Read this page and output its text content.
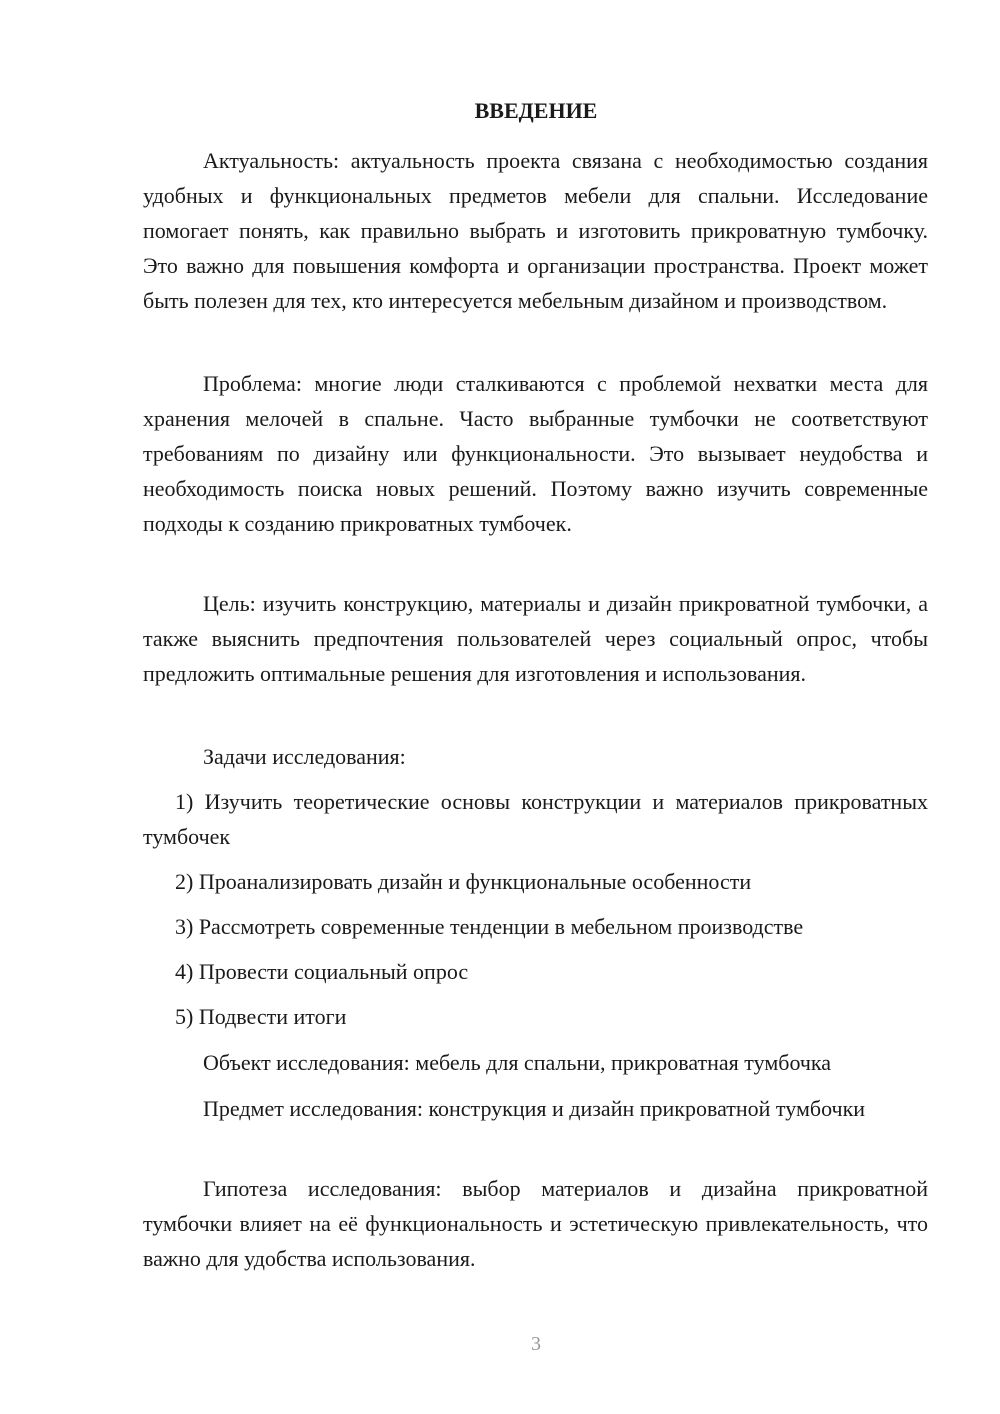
ВВЕДЕНИЕ

Актуальность: актуальность проекта связана с необходимостью создания удобных и функциональных предметов мебели для спальни. Исследование помогает понять, как правильно выбрать и изготовить прикроватную тумбочку. Это важно для повышения комфорта и организации пространства. Проект может быть полезен для тех, кто интересуется мебельным дизайном и производством.

Проблема: многие люди сталкиваются с проблемой нехватки места для хранения мелочей в спальне. Часто выбранные тумбочки не соответствуют требованиям по дизайну или функциональности. Это вызывает неудобства и необходимость поиска новых решений. Поэтому важно изучить современные подходы к созданию прикроватных тумбочек.

Цель: изучить конструкцию, материалы и дизайн прикроватной тумбочки, а также выяснить предпочтения пользователей через социальный опрос, чтобы предложить оптимальные решения для изготовления и использования.

Задачи исследования:

1) Изучить теоретические основы конструкции и материалов прикроватных тумбочек

2) Проанализировать дизайн и функциональные особенности

3) Рассмотреть современные тенденции в мебельном производстве

4) Провести социальный опрос

5) Подвести итоги

Объект исследования: мебель для спальни, прикроватная тумбочка

Предмет исследования: конструкция и дизайн прикроватной тумбочки

Гипотеза исследования: выбор материалов и дизайна прикроватной тумбочки влияет на её функциональность и эстетическую привлекательность, что важно для удобства использования.

3
